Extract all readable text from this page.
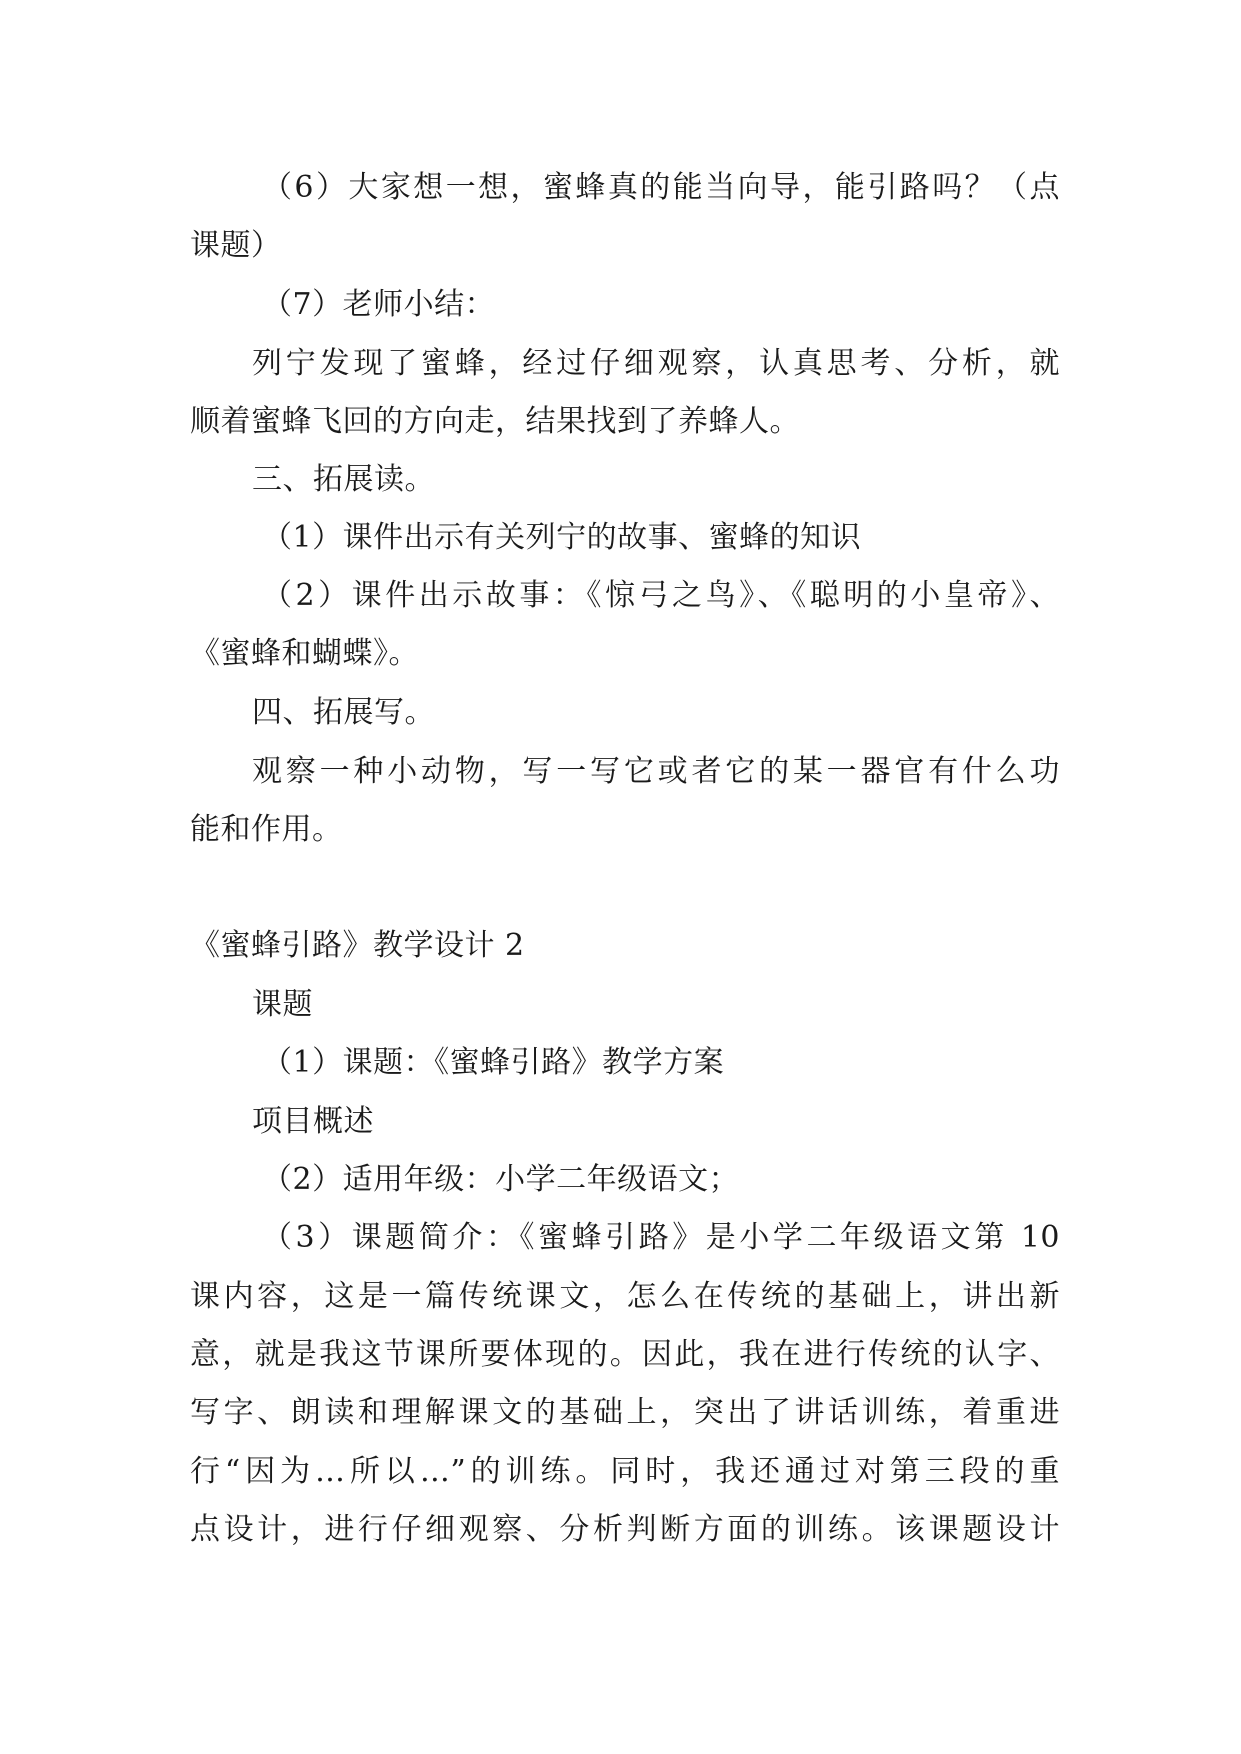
（6）大家想一想，蜜蜂真的能当向导，能引路吗？（点
课题）
（7）老师小结：
列宁发现了蜜蜂，经过仔细观察，认真思考、分析，就
顺着蜜蜂飞回的方向走，结果找到了养蜂人。
三、拓展读。
（1）课件出示有关列宁的故事、蜜蜂的知识
（2）课件出示故事：《惊弓之鸟》、《聪明的小皇帝》、
《蜜蜂和蝴蝶》。
四、拓展写。
观察一种小动物，写一写它或者它的某一器官有什么功
能和作用。
《蜜蜂引路》教学设计 2
课题
（1）课题：《蜜蜂引路》教学方案
项目概述
（2）适用年级：小学二年级语文；
（3）课题简介：《蜜蜂引路》是小学二年级语文第 10
课内容，这是一篇传统课文，怎么在传统的基础上，讲出新
意，就是我这节课所要体现的。因此，我在进行传统的认字、
写字、朗读和理解课文的基础上，突出了讲话训练，着重进
行“因为…所以…”的训练。同时，我还通过对第三段的重
点设计，进行仔细观察、分析判断方面的训练。该课题设计
